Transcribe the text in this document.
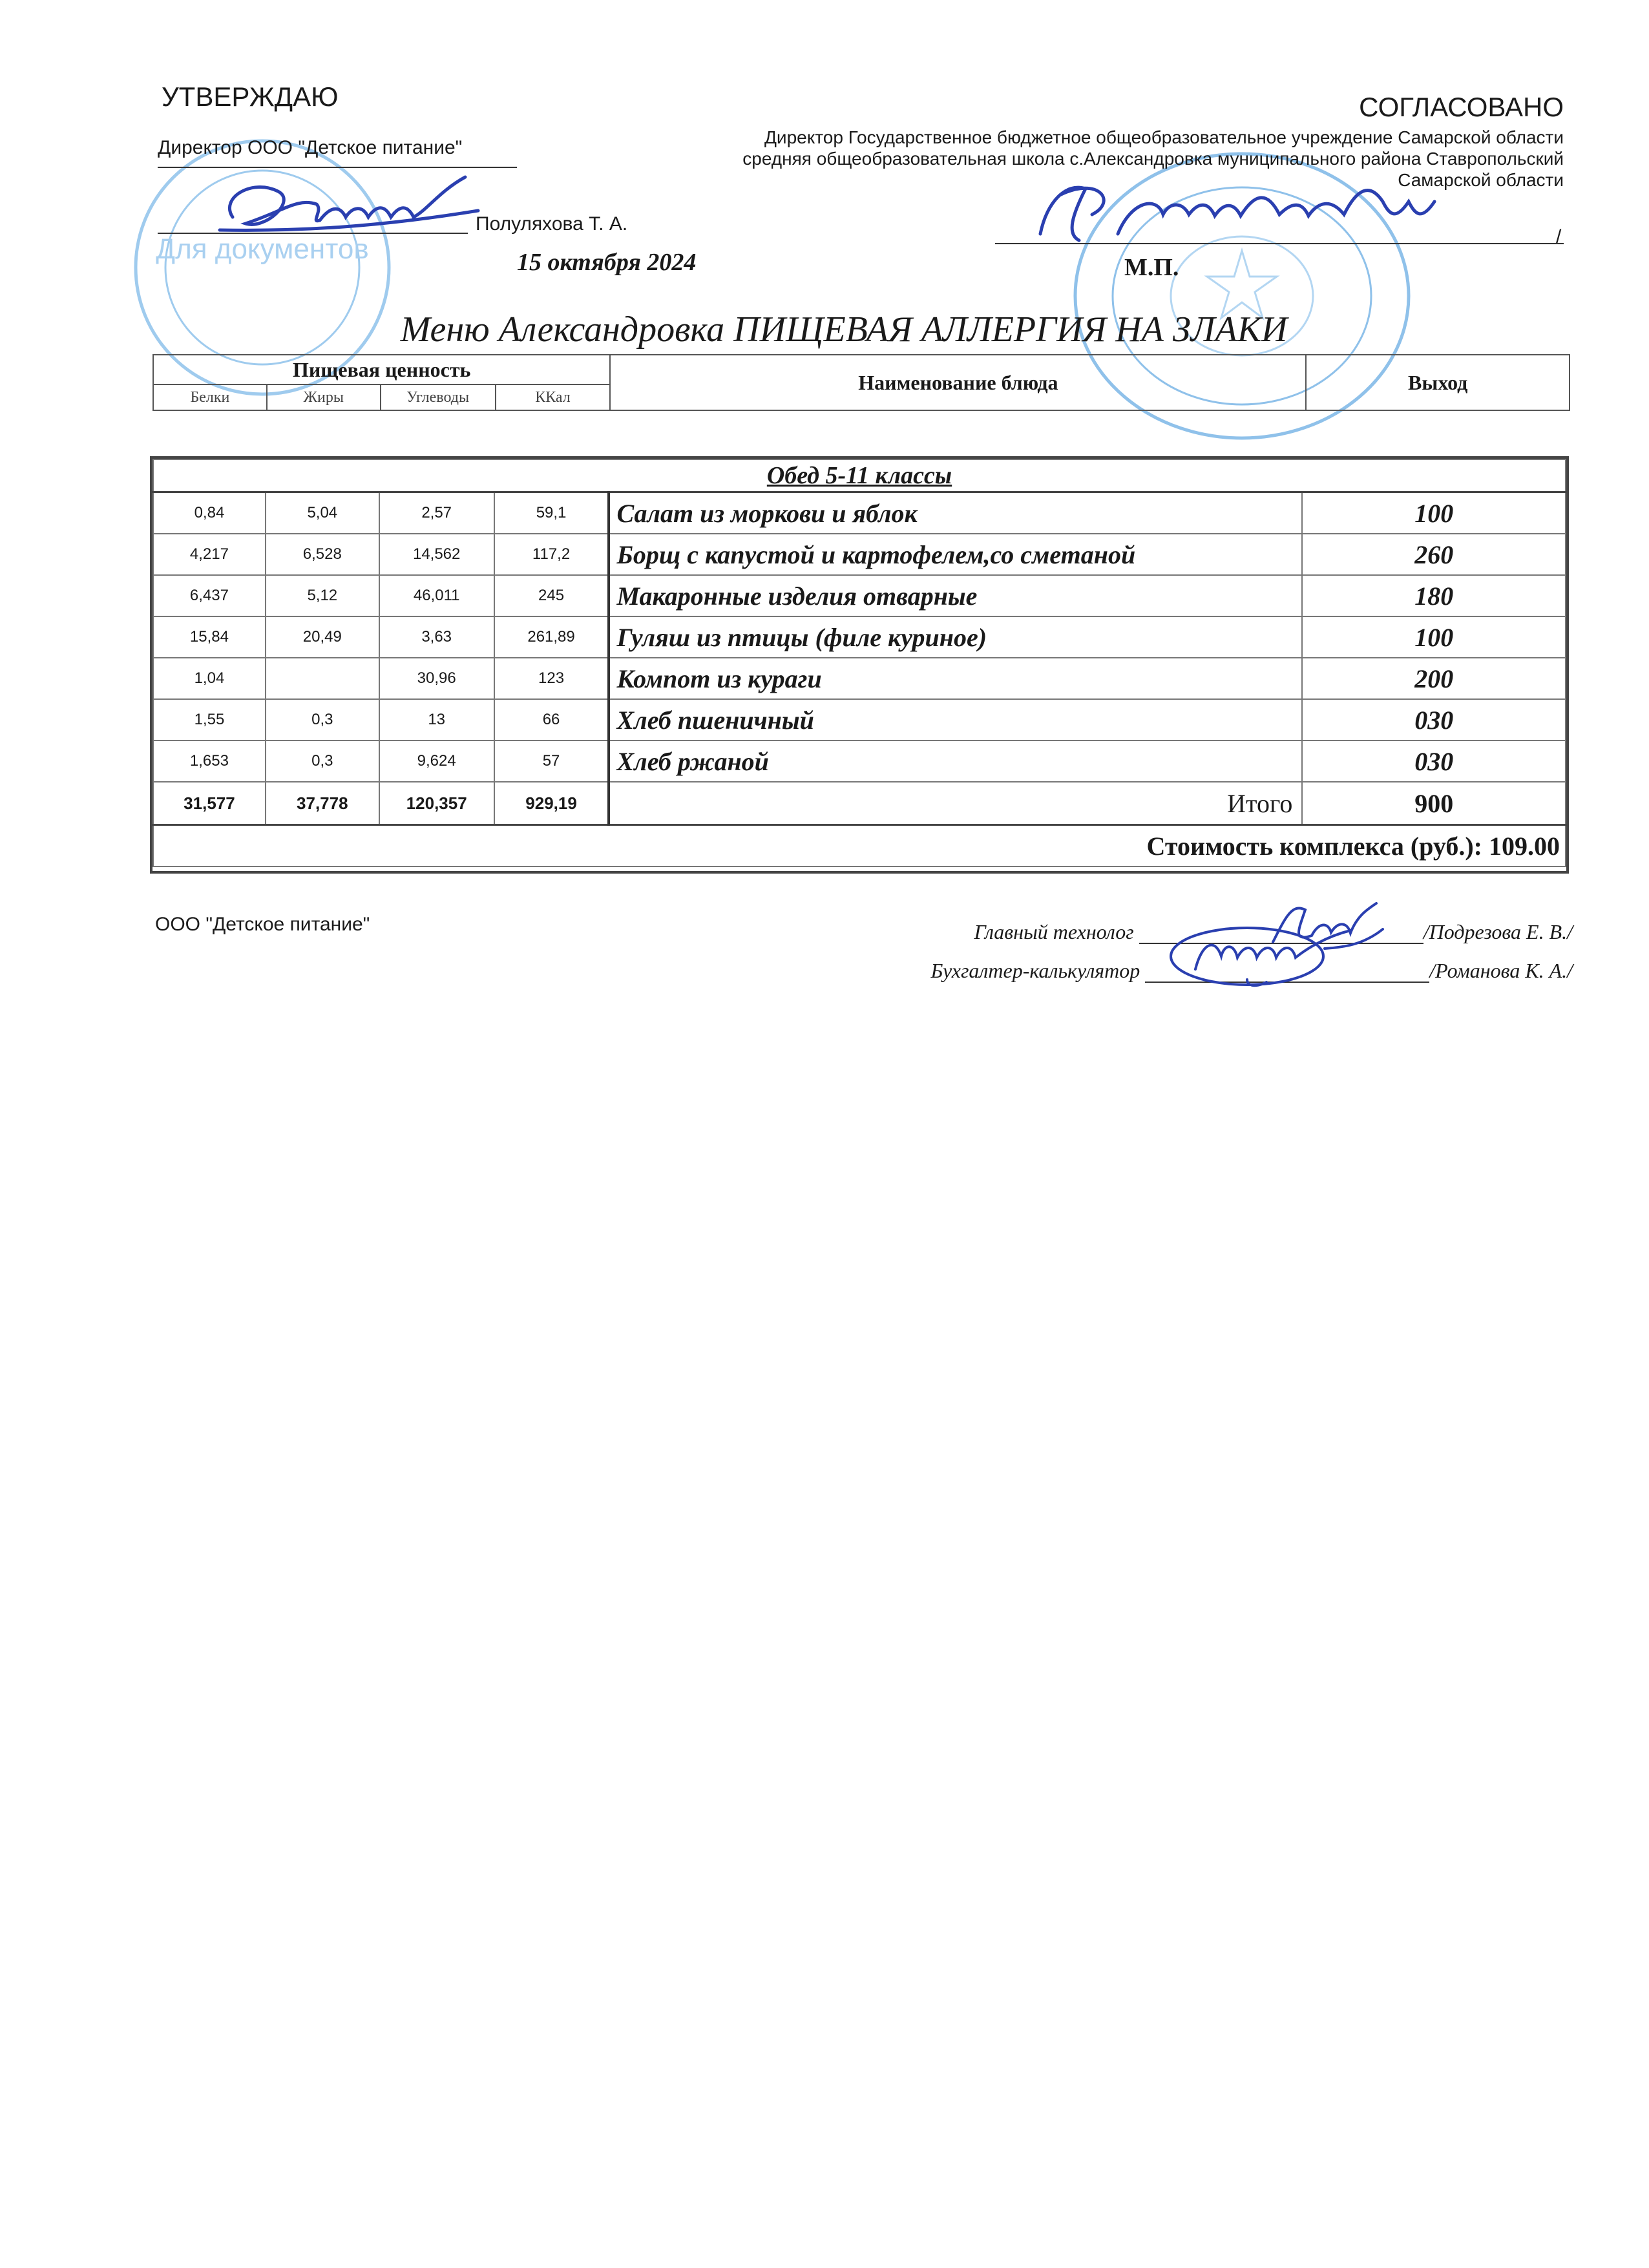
Для документов
УТВЕРЖДАЮ
Директор ООО "Детское питание"
Полуляхова Т. А.
15 октября 2024
СОГЛАСОВАНО
Директор Государственное бюджетное общеобразовательное учреждение Самарской области средняя общеобразовательная школа с.Александровка муниципального района Ставропольский Самарской области
/
М.П.
Меню Александровка ПИЩЕВАЯ АЛЛЕРГИЯ НА ЗЛАКИ
Пищевая ценность				Наименование блюда	Выход
Белки	Жиры	Углеводы	ККал		
Обед 5-11 классы					
0,84	5,04	2,57	59,1	Салат из моркови и яблок	100
4,217	6,528	14,562	117,2	Борщ с капустой и картофелем,со сметаной	260
6,437	5,12	46,011	245	Макаронные изделия отварные	180
15,84	20,49	3,63	261,89	Гуляш из птицы (филе куриное)	100
1,04		30,96	123	Компот из кураги	200
1,55	0,3	13	66	Хлеб пшеничный	030
1,653	0,3	9,624	57	Хлеб ржаной	030
31,577	37,778	120,357	929,19	Итого	900
Стоимость комплекса (руб.): 109.00					
ООО "Детское питание"	Главный технолог	/Подрезова Е. В./
Бухгалтер-калькулятор	/Романова К. А./
